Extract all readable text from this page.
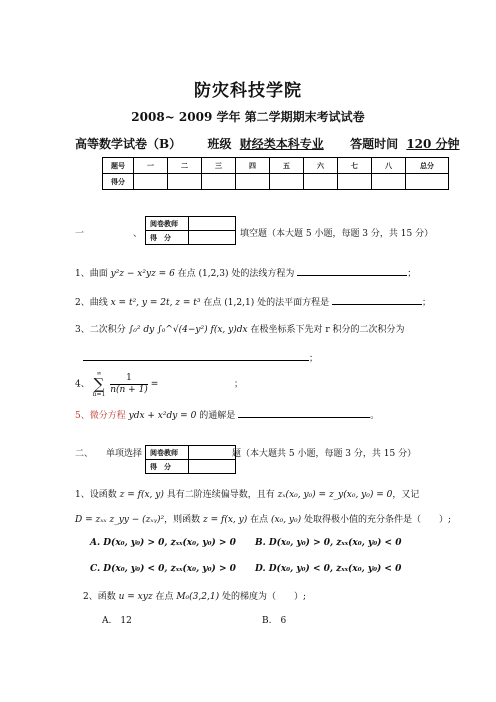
防灾科技学院
2008~ 2009 学年 第二学期期末考试试卷
高等数学试卷（B） 班级 财经类本科专业 答题时间 120 分钟
题号	一	二	三	四	五	六	七	八	总分
得分									
一	、
阅卷教师	
得　分		填空题（本大题 5 小题，每题 3 分，共 15 分）
1、曲面 y²z − x²yz = 6 在点 (1,2,3) 处的法线方程为	；
2、曲线 x = t², y = 2t, z = t³ 在点 (1,2,1) 处的法平面方程是	；
3、二次积分 ∫₀² dy ∫₀^√(4−y²) f(x, y)dx 在极坐标系下先对 r 积分的二次积分为
；
4、 ∞
∑
$n=1 \frac{1}{n(n + 1)}$ =	；
5、微分方程 ydx + x²dy = 0 的通解是	。
二、 单项选择 阅卷教师	
得　分	
题（本大题共 5 小题，每题 3 分，共 15 分）
1、设函数 z = f(x, y) 具有二阶连续偏导数，且有 zₓ(x₀, y₀) = z_y(x₀, y₀) = 0，又记
D = zₓₓ z_yy − (zₓᵧ)²，则函数 z = f(x, y) 在点 (x₀, y₀) 处取得极小值的充分条件是（　　）;
A. D(x₀, y₀) > 0, zₓₓ(x₀, y₀) > 0 B. D(x₀, y₀) > 0, zₓₓ(x₀, y₀) < 0
C. D(x₀, y₀) < 0, zₓₓ(x₀, y₀) > 0 D. D(x₀, y₀) < 0, zₓₓ(x₀, y₀) < 0
2、函数 u = xyz 在点 M₀(3,2,1) 处的梯度为（　　）;
A.　12	B.　6
